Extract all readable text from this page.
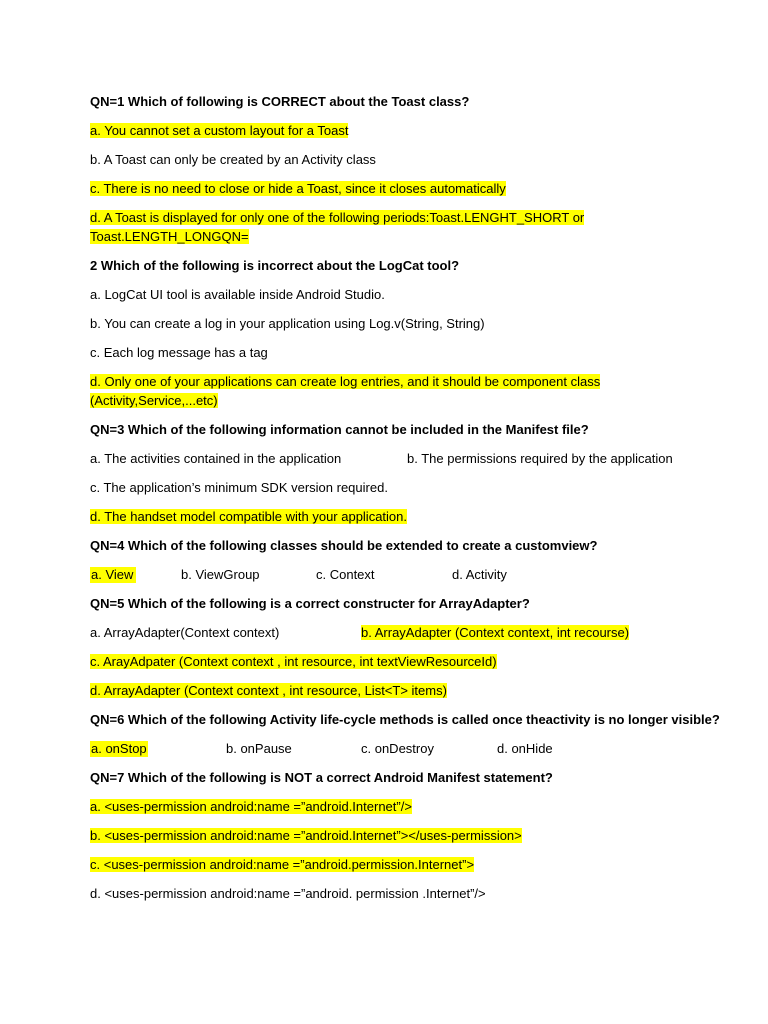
QN=1 Which of following is CORRECT about the Toast class?

a. You cannot set a custom layout for a Toast

b. A Toast can only be created by an Activity class

c. There is no need to close or hide a Toast, since it closes automatically

d. A Toast is displayed for only one of the following periods:Toast.LENGHT_SHORT or

Toast.LENGTH_LONGQN=

2 Which of the following is incorrect about the LogCat tool?

a. LogCat UI tool is available inside Android Studio.

b. You can create a log in your application using Log.v(String, String)

c. Each log message has a tag

d. Only one of your applications can create log entries, and it should be component class

(Activity,Service,...etc)

QN=3 Which of the following information cannot be included in the Manifest file?

a. The activities contained in the application	b. The permissions required by the application

c. The application’s minimum SDK version required.

d. The handset model compatible with your application.

QN=4 Which of the following classes should be extended to create a customview?

a. View	b. ViewGroup	c. Context	d. Activity

QN=5 Which of the following is a correct constructer for ArrayAdapter?

a. ArrayAdapter(Context context)	b. ArrayAdapter (Context context, int recourse)

c. ArayAdpater (Context context , int resource, int textViewResourceId)

d. ArrayAdapter (Context context , int resource, List<T> items)

QN=6 Which of the following Activity life-cycle methods is called once theactivity is no longer visible?

a. onStop	b. onPause	c. onDestroy	d. onHide

QN=7 Which of the following is NOT a correct Android Manifest statement?

a. <uses-permission android:name =”android.Internet”/>

b. <uses-permission android:name =”android.Internet”></uses-permission>

c. <uses-permission android:name =”android.permission.Internet”>

d. <uses-permission android:name =”android. permission .Internet”/>
